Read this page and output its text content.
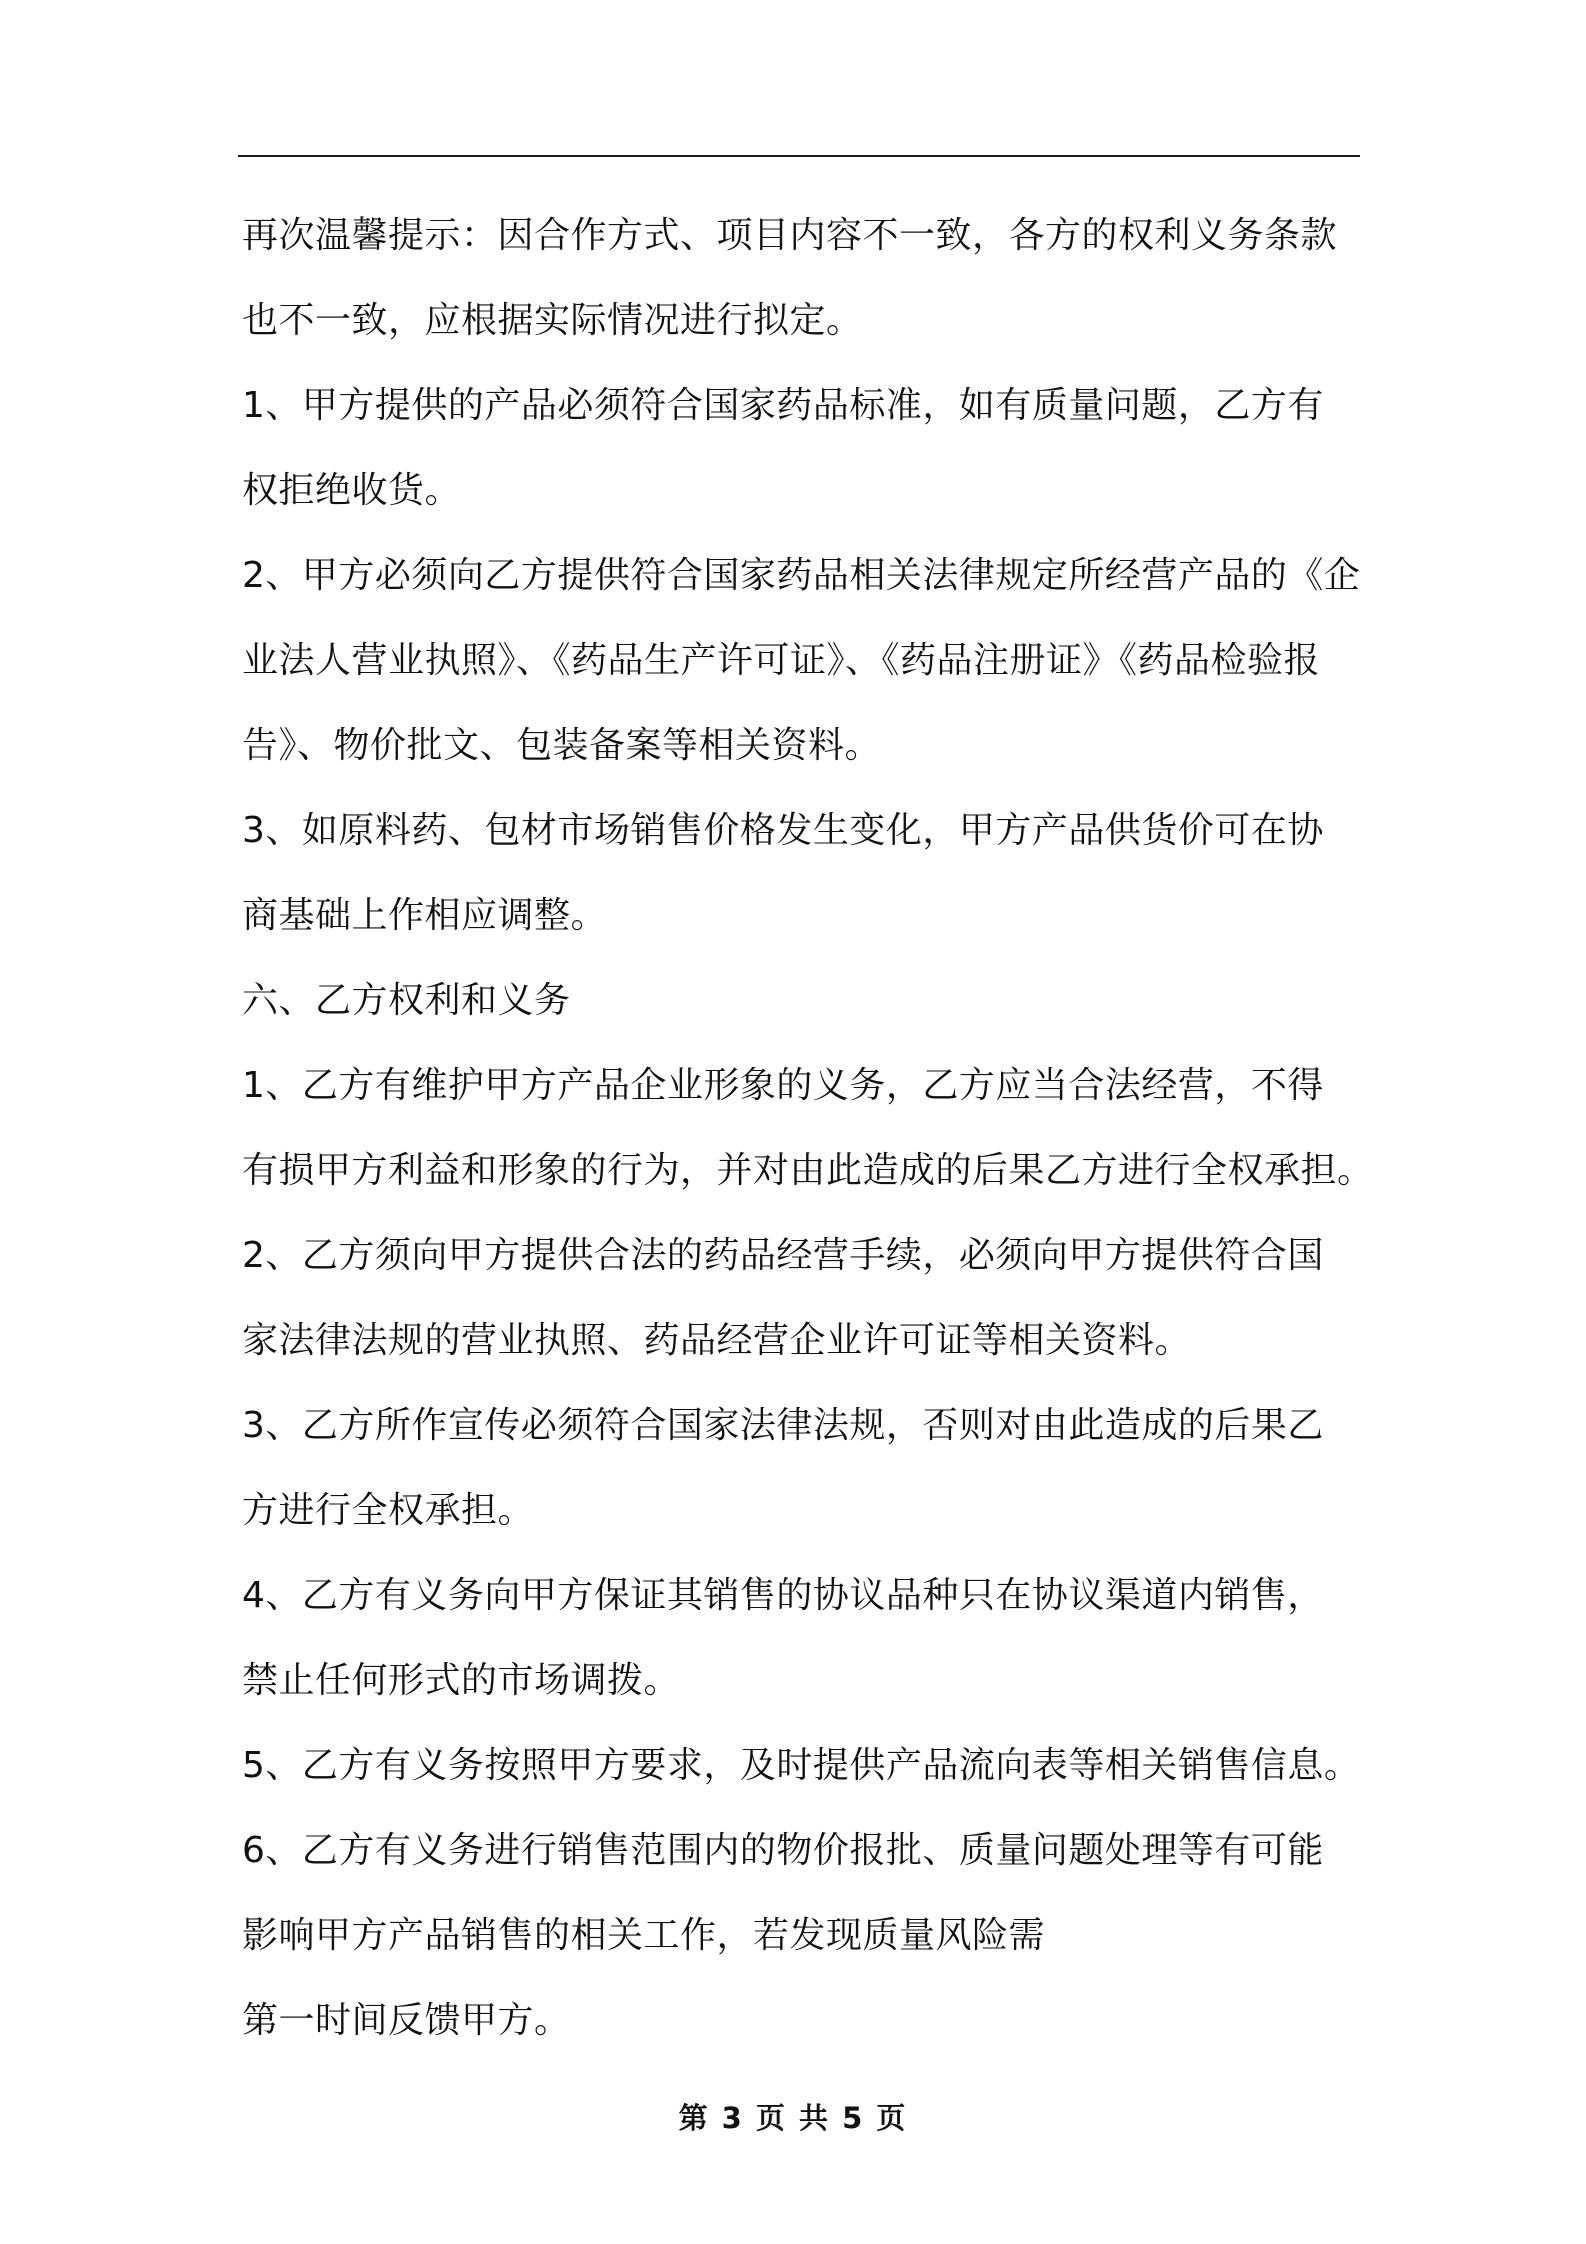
再次温馨提示：因合作方式、项目内容不一致，各方的权利义务条款
也不一致，应根据实际情况进行拟定。
1、甲方提供的产品必须符合国家药品标准，如有质量问题，乙方有
权拒绝收货。
2、甲方必须向乙方提供符合国家药品相关法律规定所经营产品的《企
业法人营业执照》、《药品生产许可证》、《药品注册证》《药品检验报
告》、物价批文、包装备案等相关资料。
3、如原料药、包材市场销售价格发生变化，甲方产品供货价可在协
商基础上作相应调整。
六、乙方权利和义务
1、乙方有维护甲方产品企业形象的义务，乙方应当合法经营，不得
有损甲方利益和形象的行为，并对由此造成的后果乙方进行全权承担。
2、乙方须向甲方提供合法的药品经营手续，必须向甲方提供符合国
家法律法规的营业执照、药品经营企业许可证等相关资料。
3、乙方所作宣传必须符合国家法律法规，否则对由此造成的后果乙
方进行全权承担。
4、乙方有义务向甲方保证其销售的协议品种只在协议渠道内销售，
禁止任何形式的市场调拨。
5、乙方有义务按照甲方要求，及时提供产品流向表等相关销售信息。
6、乙方有义务进行销售范围内的物价报批、质量问题处理等有可能
影响甲方产品销售的相关工作，若发现质量风险需
第一时间反馈甲方。
第 3 页 共 5 页
